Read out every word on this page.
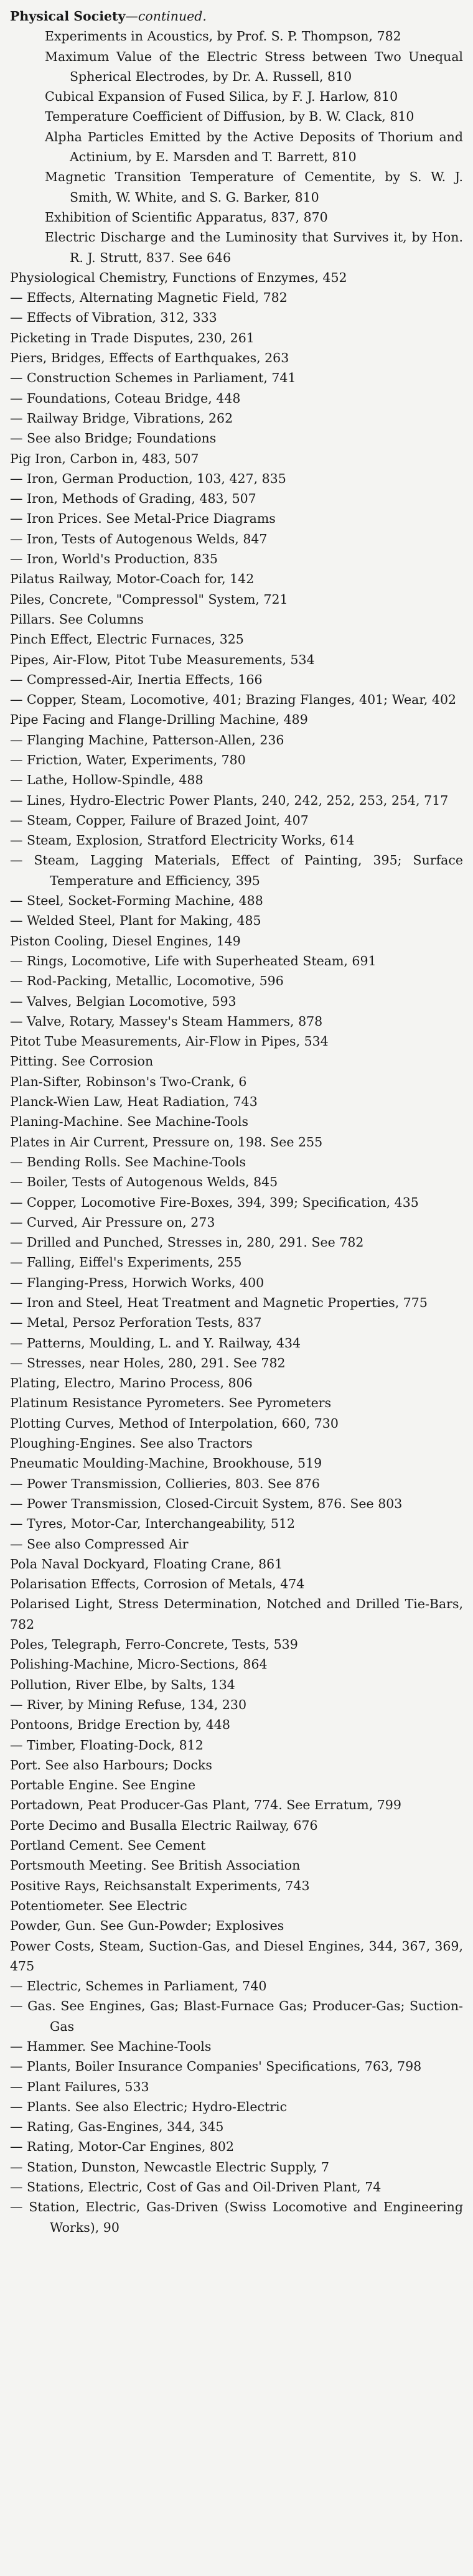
Physical Society—continued.
Experiments in Acoustics, by Prof. S. P. Thompson, 782
Maximum Value of the Electric Stress between Two Unequal Spherical Electrodes, by Dr. A. Russell, 810
Cubical Expansion of Fused Silica, by F. J. Harlow, 810
Temperature Coefficient of Diffusion, by B. W. Clack, 810
Alpha Particles Emitted by the Active Deposits of Thorium and Actinium, by E. Marsden and T. Barrett, 810
Magnetic Transition Temperature of Cementite, by S. W. J. Smith, W. White, and S. G. Barker, 810
Exhibition of Scientific Apparatus, 837, 870
Electric Discharge and the Luminosity that Survives it, by Hon. R. J. Strutt, 837. See 646
Physiological Chemistry, Functions of Enzymes, 452
— Effects, Alternating Magnetic Field, 782
— Effects of Vibration, 312, 333
Picketing in Trade Disputes, 230, 261
Piers, Bridges, Effects of Earthquakes, 263
— Construction Schemes in Parliament, 741
— Foundations, Coteau Bridge, 448
— Railway Bridge, Vibrations, 262
— See also Bridge; Foundations
Pig Iron, Carbon in, 483, 507
— Iron, German Production, 103, 427, 835
— Iron, Methods of Grading, 483, 507
— Iron Prices. See Metal-Price Diagrams
— Iron, Tests of Autogenous Welds, 847
— Iron, World's Production, 835
Pilatus Railway, Motor-Coach for, 142
Piles, Concrete, "Compressol" System, 721
Pillars. See Columns
Pinch Effect, Electric Furnaces, 325
Pipes, Air-Flow, Pitot Tube Measurements, 534
— Compressed-Air, Inertia Effects, 166
— Copper, Steam, Locomotive, 401; Brazing Flanges, 401; Wear, 402
Pipe Facing and Flange-Drilling Machine, 489
— Flanging Machine, Patterson-Allen, 236
— Friction, Water, Experiments, 780
— Lathe, Hollow-Spindle, 488
— Lines, Hydro-Electric Power Plants, 240, 242, 252, 253, 254, 717
— Steam, Copper, Failure of Brazed Joint, 407
— Steam, Explosion, Stratford Electricity Works, 614
— Steam, Lagging Materials, Effect of Painting, 395; Surface Temperature and Efficiency, 395
— Steel, Socket-Forming Machine, 488
— Welded Steel, Plant for Making, 485
Piston Cooling, Diesel Engines, 149
— Rings, Locomotive, Life with Superheated Steam, 691
— Rod-Packing, Metallic, Locomotive, 596
— Valves, Belgian Locomotive, 593
— Valve, Rotary, Massey's Steam Hammers, 878
Pitot Tube Measurements, Air-Flow in Pipes, 534
Pitting. See Corrosion
Plan-Sifter, Robinson's Two-Crank, 6
Planck-Wien Law, Heat Radiation, 743
Planing-Machine. See Machine-Tools
Plates in Air Current, Pressure on, 198. See 255
— Bending Rolls. See Machine-Tools
— Boiler, Tests of Autogenous Welds, 845
— Copper, Locomotive Fire-Boxes, 394, 399; Specification, 435
— Curved, Air Pressure on, 273
— Drilled and Punched, Stresses in, 280, 291. See 782
— Falling, Eiffel's Experiments, 255
— Flanging-Press, Horwich Works, 400
— Iron and Steel, Heat Treatment and Magnetic Properties, 775
— Metal, Persoz Perforation Tests, 837
— Patterns, Moulding, L. and Y. Railway, 434
— Stresses, near Holes, 280, 291. See 782
Plating, Electro, Marino Process, 806
Platinum Resistance Pyrometers. See Pyrometers
Plotting Curves, Method of Interpolation, 660, 730
Ploughing-Engines. See also Tractors
Pneumatic Moulding-Machine, Brookhouse, 519
— Power Transmission, Collieries, 803. See 876
— Power Transmission, Closed-Circuit System, 876. See 803
— Tyres, Motor-Car, Interchangeability, 512
— See also Compressed Air
Pola Naval Dockyard, Floating Crane, 861
Polarisation Effects, Corrosion of Metals, 474
Polarised Light, Stress Determination, Notched and Drilled Tie-Bars, 782
Poles, Telegraph, Ferro-Concrete, Tests, 539
Polishing-Machine, Micro-Sections, 864
Pollution, River Elbe, by Salts, 134
— River, by Mining Refuse, 134, 230
Pontoons, Bridge Erection by, 448
— Timber, Floating-Dock, 812
Port. See also Harbours; Docks
Portable Engine. See Engine
Portadown, Peat Producer-Gas Plant, 774. See Erratum, 799
Porte Decimo and Busalla Electric Railway, 676
Portland Cement. See Cement
Portsmouth Meeting. See British Association
Positive Rays, Reichsanstalt Experiments, 743
Potentiometer. See Electric
Powder, Gun. See Gun-Powder; Explosives
Power Costs, Steam, Suction-Gas, and Diesel Engines, 344, 367, 369, 475
— Electric, Schemes in Parliament, 740
— Gas. See Engines, Gas; Blast-Furnace Gas; Producer-Gas; Suction-Gas
— Hammer. See Machine-Tools
— Plants, Boiler Insurance Companies' Specifications, 763, 798
— Plant Failures, 533
— Plants. See also Electric; Hydro-Electric
— Rating, Gas-Engines, 344, 345
— Rating, Motor-Car Engines, 802
— Station, Dunston, Newcastle Electric Supply, 7
— Stations, Electric, Cost of Gas and Oil-Driven Plant, 74
— Station, Electric, Gas-Driven (Swiss Locomotive and Engineering Works), 90
